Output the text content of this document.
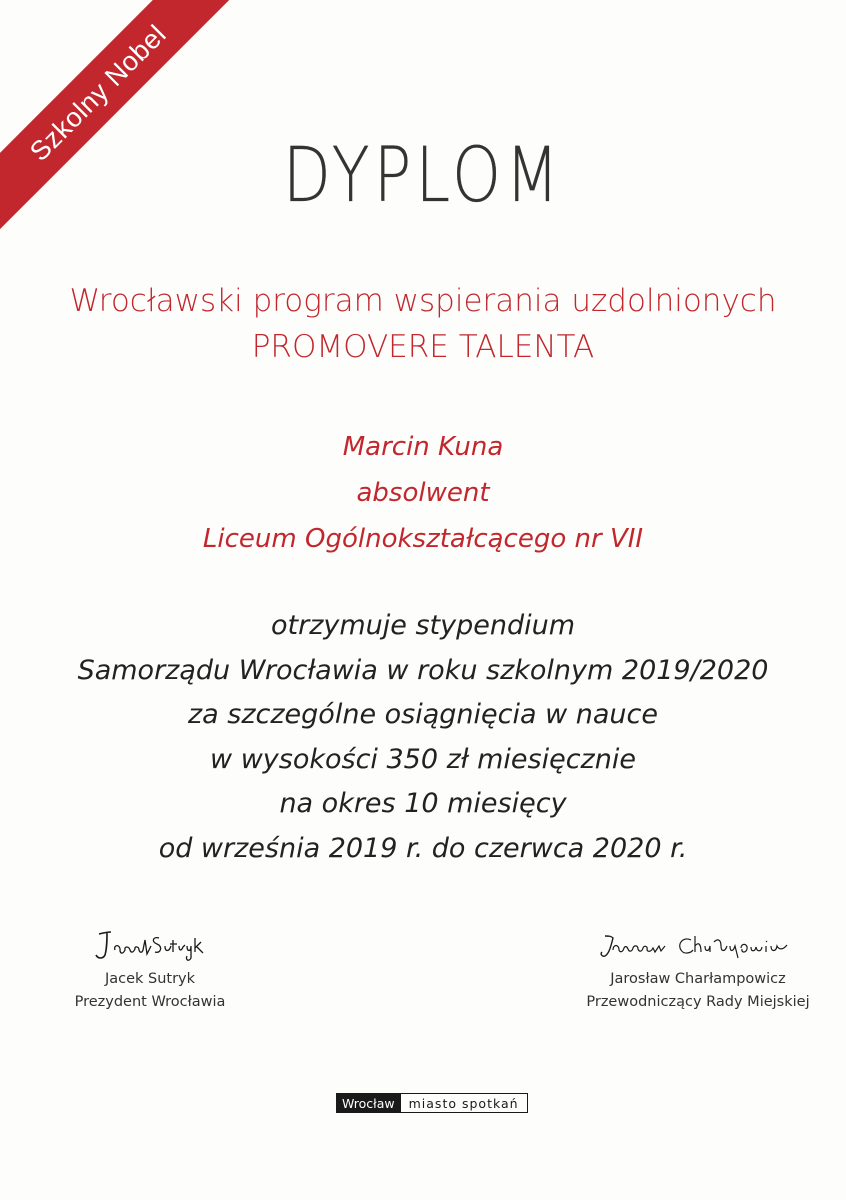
Szkolny Nobel
DYPLOM
Wrocławski program wspierania uzdolnionych
PROMOVERE TALENTA
Marcin Kuna
absolwent
Liceum Ogólnokształcącego nr VII
otrzymuje stypendium
Samorządu Wrocławia w roku szkolnym 2019/2020
za szczególne osiągnięcia w nauce
w wysokości 350 zł miesięcznie
na okres 10 miesięcy
od września 2019 r. do czerwca 2020 r.
Jacek Sutryk
Prezydent Wrocławia
Jarosław Charłampowicz
Przewodniczący Rady Miejskiej
Wrocław	miasto spotkań
